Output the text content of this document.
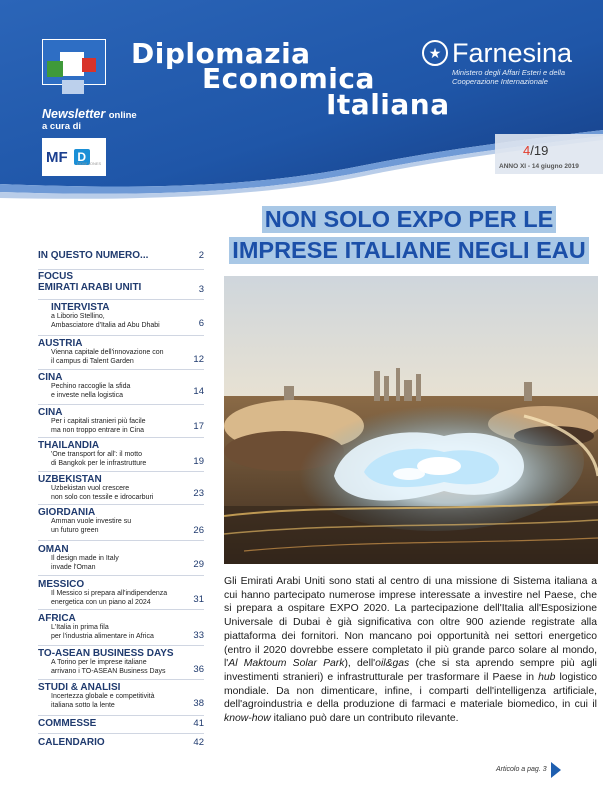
Diplomazia
Economica
Italiana
★ Farnesina
Ministero degli Affari Esteri e della Cooperazione Internazionale
Newsletter online
a cura di
MF D
DOW JONES
4/19
ANNO XI - 14 giugno 2019
IN QUESTO NUMERO...	2
FOCUS
EMIRATI ARABI UNITI	3
INTERVISTA
a Liborio Stellino,
Ambasciatore d'Italia ad Abu Dhabi	6
AUSTRIA
Vienna capitale dell'innovazione con
il campus di Talent Garden	12
CINA
Pechino raccoglie la sfida
e investe nella logistica	14
CINA
Per i capitali stranieri più facile
ma non troppo entrare in Cina	17
THAILANDIA
'One transport for all': il motto
di Bangkok per le infrastrutture	19
UZBEKISTAN
Uzbekistan vuol crescere
non solo con tessile e idrocarburi	23
GIORDANIA
Amman vuole investire su
un futuro green	26
OMAN
Il design made in Italy
invade l'Oman	29
MESSICO
Il Messico si prepara all'indipendenza
energetica con un piano al 2024	31
AFRICA
L'Italia in prima fila
per l'industria alimentare in Africa	33
TO-ASEAN BUSINESS DAYS
A Torino per le imprese italiane
arrivano i TO-ASEAN Business Days	36
STUDI & ANALISI
Incertezza globale e competitività
italiana sotto la lente	38
COMMESSE	41
CALENDARIO	42
NON SOLO EXPO PER LE
IMPRESE ITALIANE NEGLI EAU
Gli Emirati Arabi Uniti sono stati al centro di una missione di Sistema italiana a cui hanno partecipato numerose imprese interessate a investire nel Paese, che si prepara a ospitare EXPO 2020. La partecipazione dell'Italia all'Esposizione Universale di Dubai è già significativa con oltre 900 aziende registrate alla piattaforma dei fornitori. Non mancano poi opportunità nei settori energetico (entro il 2020 dovrebbe essere completato il più grande parco solare al mondo, l'Al Maktoum Solar Park), dell'oil&gas (che si sta aprendo sempre più agli investimenti stranieri) e infrastrutturale per trasformare il Paese in hub logistico mondiale. Da non dimenticare, infine, i comparti dell'intelligenza artificiale, dell'agroindustria e della produzione di farmaci e materiale biomedico, in cui il know-how italiano può dare un contributo rilevante.
Articolo a pag. 3
